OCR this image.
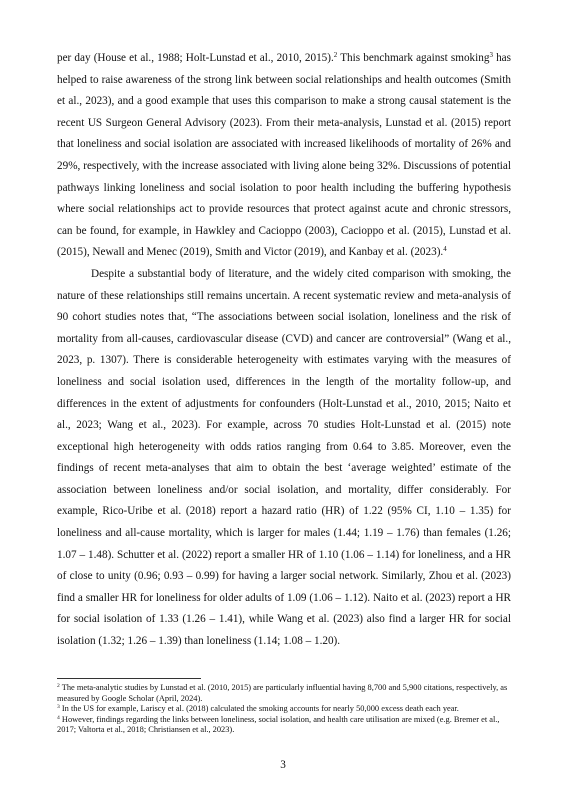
per day (House et al., 1988; Holt-Lunstad et al., 2010, 2015).$^2$ This benchmark against smoking$^3$ has helped to raise awareness of the strong link between social relationships and health outcomes (Smith et al., 2023), and a good example that uses this comparison to make a strong causal statement is the recent US Surgeon General Advisory (2023). From their meta-analysis, Lunstad et al. (2015) report that loneliness and social isolation are associated with increased likelihoods of mortality of 26% and 29%, respectively, with the increase associated with living alone being 32%. Discussions of potential pathways linking loneliness and social isolation to poor health including the buffering hypothesis where social relationships act to provide resources that protect against acute and chronic stressors, can be found, for example, in Hawkley and Cacioppo (2003), Cacioppo et al. (2015), Lunstad et al. (2015), Newall and Menec (2019), Smith and Victor (2019), and Kanbay et al. (2023).$^4$

Despite a substantial body of literature, and the widely cited comparison with smoking, the nature of these relationships still remains uncertain. A recent systematic review and meta-analysis of 90 cohort studies notes that, “The associations between social isolation, loneliness and the risk of mortality from all-causes, cardiovascular disease (CVD) and cancer are controversial” (Wang et al., 2023, p. 1307). There is considerable heterogeneity with estimates varying with the measures of loneliness and social isolation used, differences in the length of the mortality follow-up, and differences in the extent of adjustments for confounders (Holt-Lunstad et al., 2010, 2015; Naito et al., 2023; Wang et al., 2023). For example, across 70 studies Holt-Lunstad et al. (2015) note exceptional high heterogeneity with odds ratios ranging from 0.64 to 3.85. Moreover, even the findings of recent meta-analyses that aim to obtain the best ‘average weighted’ estimate of the association between loneliness and/or social isolation, and mortality, differ considerably. For example, Rico-Uribe et al. (2018) report a hazard ratio (HR) of 1.22 (95% CI, 1.10 – 1.35) for loneliness and all-cause mortality, which is larger for males (1.44; 1.19 – 1.76) than females (1.26; 1.07 – 1.48). Schutter et al. (2022) report a smaller HR of 1.10 (1.06 – 1.14) for loneliness, and a HR of close to unity (0.96; 0.93 – 0.99) for having a larger social network. Similarly, Zhou et al. (2023) find a smaller HR for loneliness for older adults of 1.09 (1.06 – 1.12). Naito et al. (2023) report a HR for social isolation of 1.33 (1.26 – 1.41), while Wang et al. (2023) also find a larger HR for social isolation (1.32; 1.26 – 1.39) than loneliness (1.14; 1.08 – 1.20).

$^2$ The meta-analytic studies by Lunstad et al. (2010, 2015) are particularly influential having 8,700 and 5,900 citations, respectively, as measured by Google Scholar (April, 2024).

$^3$ In the US for example, Lariscy et al. (2018) calculated the smoking accounts for nearly 50,000 excess death each year.

$^4$ However, findings regarding the links between loneliness, social isolation, and health care utilisation are mixed (e.g. Bremer et al., 2017; Valtorta et al., 2018; Christiansen et al., 2023).

3
